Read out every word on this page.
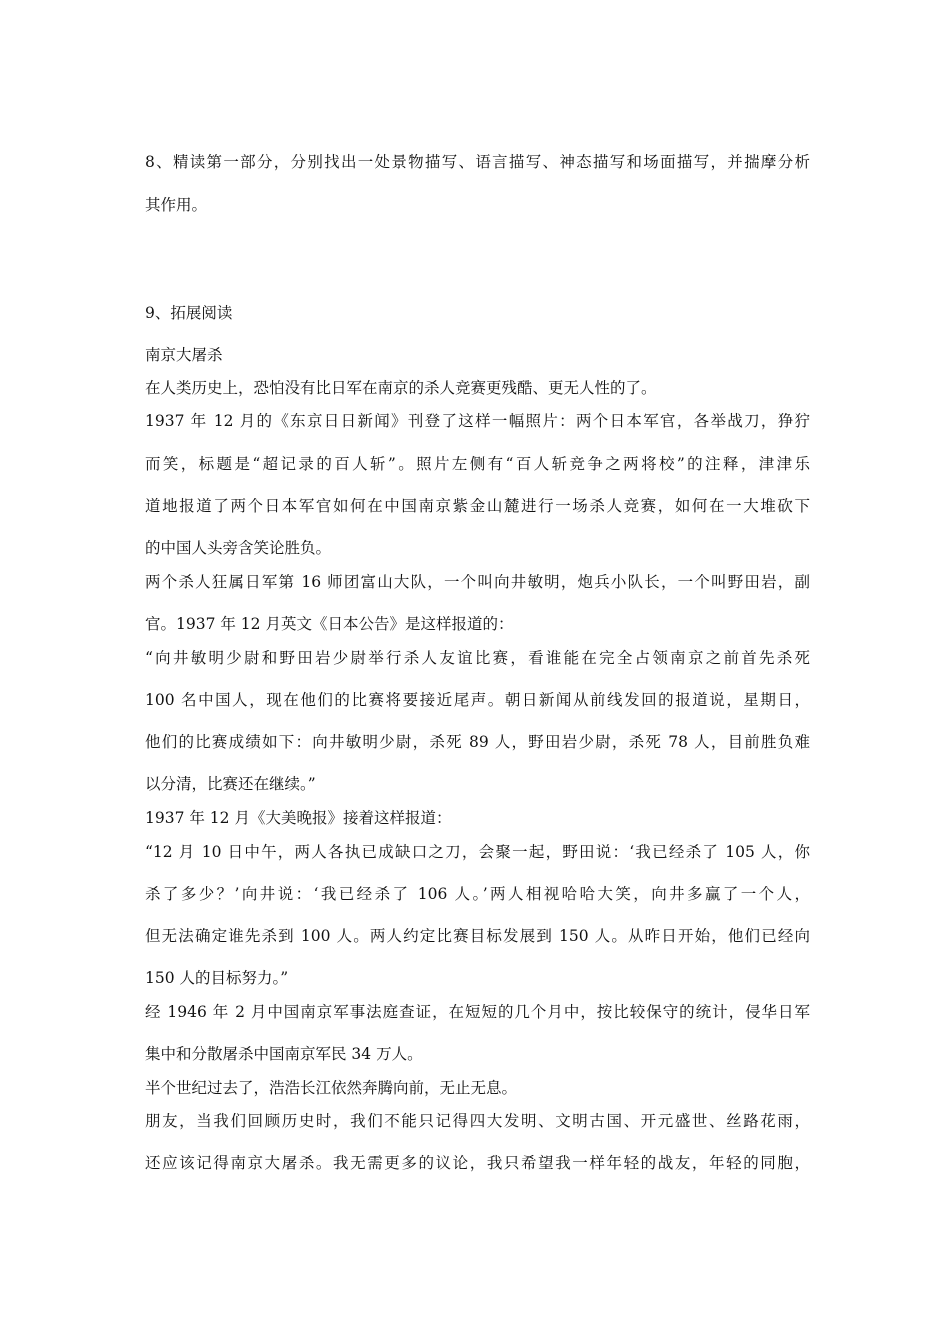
8、精读第一部分，分别找出一处景物描写、语言描写、神态描写和场面描写，并揣摩分析
其作用。
9、拓展阅读
南京大屠杀
在人类历史上，恐怕没有比日军在南京的杀人竞赛更残酷、更无人性的了。
1937 年 12 月的《东京日日新闻》刊登了这样一幅照片：两个日本军官，各举战刀，狰狞
而笑，标题是“超记录的百人斩”。照片左侧有“百人斩竞争之两将校”的注释，津津乐
道地报道了两个日本军官如何在中国南京紫金山麓进行一场杀人竞赛，如何在一大堆砍下
的中国人头旁含笑论胜负。
两个杀人狂属日军第 16 师团富山大队，一个叫向井敏明，炮兵小队长，一个叫野田岩，副
官。1937 年 12 月英文《日本公告》是这样报道的：
“向井敏明少尉和野田岩少尉举行杀人友谊比赛，看谁能在完全占领南京之前首先杀死
100 名中国人，现在他们的比赛将要接近尾声。朝日新闻从前线发回的报道说，星期日，
他们的比赛成绩如下：向井敏明少尉，杀死 89 人，野田岩少尉，杀死 78 人，目前胜负难
以分清，比赛还在继续。”
1937 年 12 月《大美晚报》接着这样报道：
“12 月 10 日中午，两人各执已成缺口之刀，会聚一起，野田说：‘我已经杀了 105 人，你
杀了多少？’向井说：‘我已经杀了 106 人。’两人相视哈哈大笑，向井多赢了一个人，
但无法确定谁先杀到 100 人。两人约定比赛目标发展到 150 人。从昨日开始，他们已经向
150 人的目标努力。”
经 1946 年 2 月中国南京军事法庭查证，在短短的几个月中，按比较保守的统计，侵华日军
集中和分散屠杀中国南京军民 34 万人。
半个世纪过去了，浩浩长江依然奔腾向前，无止无息。
朋友，当我们回顾历史时，我们不能只记得四大发明、文明古国、开元盛世、丝路花雨，
还应该记得南京大屠杀。我无需更多的议论，我只希望我一样年轻的战友，年轻的同胞，
